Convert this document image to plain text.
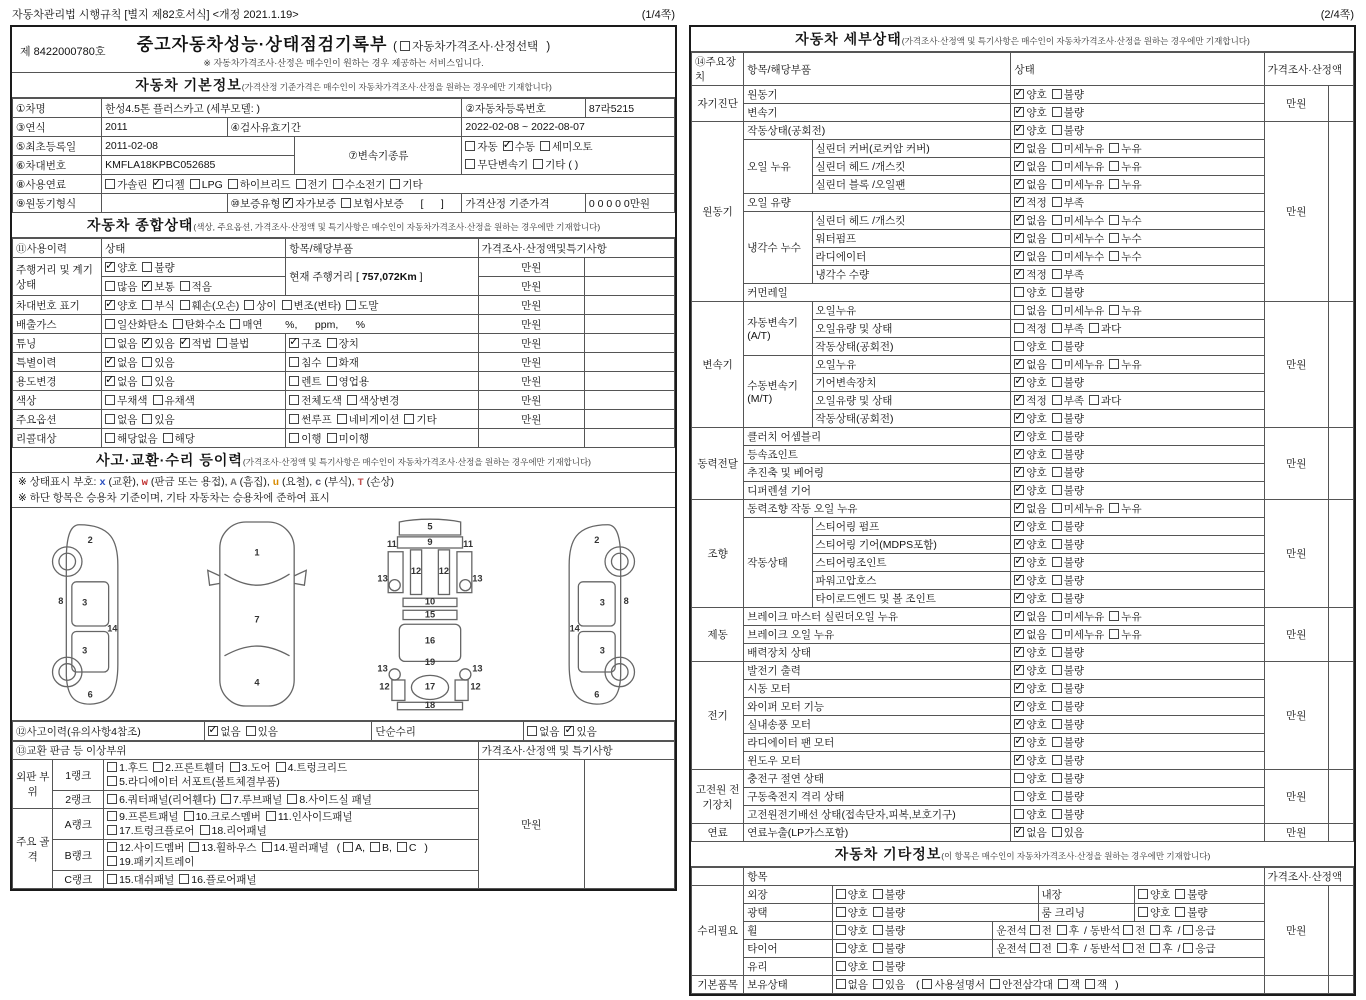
자동차관리법 시행규칙 [별지 제82호서식] <개정 2021.1.19>	(1/4쪽)
제 8422000780호	중고자동차성능·상태점검기록부 ( 자동차가격조사·산정선택 )
※ 자동차가격조사·산정은 매수인이 원하는 경우 제공하는 서비스입니다.
자동차 기본정보(가격산정 기준가격은 매수인이 자동차가격조사·산정을 원하는 경우에만 기재합니다)
①차명	한성4.5톤 플러스카고 (세부모델: )			②자동차등록번호	87라5215
③연식	2011	④검사유효기간		2022-02-08 ~ 2022-08-07	
⑤최초등록일	2011-02-08		⑦변속기종류	자동 ✓ 수동 세미오토
⑥차대번호	KMFLA18KPBC052685			무단변속기 기타 ( )	
⑧사용연료	가솔린 ✓ 디젤 LPG 하이브리드 전기 수소전기 기타
⑨원동기형식		⑩보증유형 ✓ 자가보증 보험사보증    [      ]		가격산정 기준가격	0 0 0 0 0만원
자동차 종합상태(색상, 주요옵션, 가격조사·산정액 및 특기사항은 매수인이 자동차가격조사·산정을 원하는 경우에만 기재합니다)
⑪사용이력	상태	항목/해당부품	가격조사·산정액및특기사항	
주행거리 및 계기상태	✓양호 불량	현재 주행거리 [ 757,072Km ]	만원	
	많음 ✓ 보통 적음		만원	
차대번호 표기	✓양호 부식 훼손(오손) 상이 변조(변타) 도말		만원	
배출가스	일산화탄소 탄화수소 매연      %,      ppm,      %		만원	
튜닝	없음 ✓ 있음 ✓ 적법 불법	✓구조 장치	만원	
특별이력	✓없음 있음	침수 화재	만원	
용도변경	✓없음 있음	렌트 영업용	만원	
색상	무채색 유채색	전체도색 색상변경	만원	
주요옵션	없음 있음	썬루프 네비게이션 기타	만원	
리콜대상	해당없음 해당	이행 미이행		
사고·교환·수리 등이력(가격조사·산정액 및 특기사항은 매수인이 자동차가격조사·산정을 원하는 경우에만 기재합니다)
※ 상태표시 부호: x (교환), w (판금 또는 용접), A (흠집), u (요철), c (부식), T (손상)
※ 하단 항목은 승용차 기준이며, 기타 자동차는 승용차에 준하여 표시
2
8 3
14
3
6
1
7
4
5
9
11	11
13	13
12 12
10
15
16
19
13	13
12	17	12
18
2
3 8
14
3
6
⑫사고이력(유의사항4참조)	✓없음 있음	단순수리	없음 ✓ 있음
⑬교환 판금 등 이상부위			가격조사·산정액 및 특기사항	
외판 부위	1랭크	1.후드 2.프론트휀더 3.도어 4.트렁크리드
5.라디에이터 서포트(볼트체결부품)	만원	
	2랭크	6.쿼터패널(리어휀다) 7.루브패널 8.사이드실 패널		

주요 골격	A랭크	9.프론트패널 10.크로스멤버 11.인사이드패널
17.트렁크플로어 18.리어패널		

	B랭크	12.사이드멤버 13.휠하우스 14.필러패널 ( A, B, C )
19.패키지트레이		

	C랭크	15.대쉬패널 16.플로어패널		
(2/4쪽)
자동차 세부상태(가격조사·산정액 및 특기사항은 매수인이 자동차가격조사·산정을 원하는 경우에만 기재합니다)
⑭주요장치	항목/해당부품		상태	가격조사·산정액	
자기진단	원동기	✓양호 불량	만원	
	변속기	✓양호 불량
원동기	작동상태(공회전)	✓양호 불량	만원	
	오일 누유	실린더 커버(로커암 커버)	✓없음 미세누유 누유
		실린더 헤드 /개스킷	✓없음 미세누유 누유
		실린더 블록 /오일팬	✓없음 미세누유 누유
	오일 유량	✓적정 부족
	냉각수 누수	실린더 헤드 /개스킷	✓없음 미세누수 누수
		워터펌프	✓없음 미세누수 누수
		라디에이터	✓없음 미세누수 누수
		냉각수 수량	✓적정 부족
	커먼레일		양호 불량		
변속기	자동변속기 (A/T)	오일누유	없음 미세누유 누유	만원	
		오일유량 및 상태	적정 부족 과다		
		작동상태(공회전)	양호 불량		
	수동변속기 (M/T)	오일누유	✓없음 미세누유 누유
		기어변속장치	✓양호 불량
		오일유량 및 상태	✓적정 부족 과다
		작동상태(공회전)	✓양호 불량
동력전달	클러치 어셈블리	✓양호 불량	만원	
	등속죠인트	✓양호 불량
	추진축 및 베어링	✓양호 불량
	디퍼렌셜 기어	✓양호 불량
조향	동력조향 작동 오일 누유	✓없음 미세누유 누유	만원	
	작동상태	스티어링 펌프	✓양호 불량
		스티어링 기어(MDPS포함)	✓양호 불량
		스티어링조인트	✓양호 불량
		파워고압호스	✓양호 불량
		타이로드엔드 및 볼 조인트	✓양호 불량
제동	브레이크 마스터 실린더오일 누유	✓없음 미세누유 누유	만원	
	브레이크 오일 누유	✓없음 미세누유 누유
	배력장치 상태	✓양호 불량
전기	발전기 출력	✓양호 불량	만원	
	시동 모터	✓양호 불량
	와이퍼 모터 기능	✓양호 불량
	실내송풍 모터	✓양호 불량
	라디에이터 팬 모터	✓양호 불량
	윈도우 모터	✓양호 불량
고전원 전기장치	충전구 절연 상태		양호 불량	만원	
	구동축전지 격리 상태		양호 불량		
	고전원전기배선 상태(접속단자,피복,보호기구)		양호 불량		
연료	연료누출(LP가스포함)	✓없음 있음	만원	
자동차 기타정보(이 항목은 매수인이 자동차가격조사·산정을 원하는 경우에만 기재합니다)
	항목					가격조사·산정액	
수리필요	외장	양호 불량		내장	양호 불량	만원	
	광택	양호 불량		룸 크리닝	양호 불량		
	휠	양호 불량	운전석 전 후 / 동반석 전 후 / 응급				
	타이어	양호 불량	운전석 전 후 / 동반석 전 후 / 응급				
	유리	양호 불량					
기본품목	보유상태	없음 있음  ( 사용설명서 안전삼각대 잭 잭 )					
